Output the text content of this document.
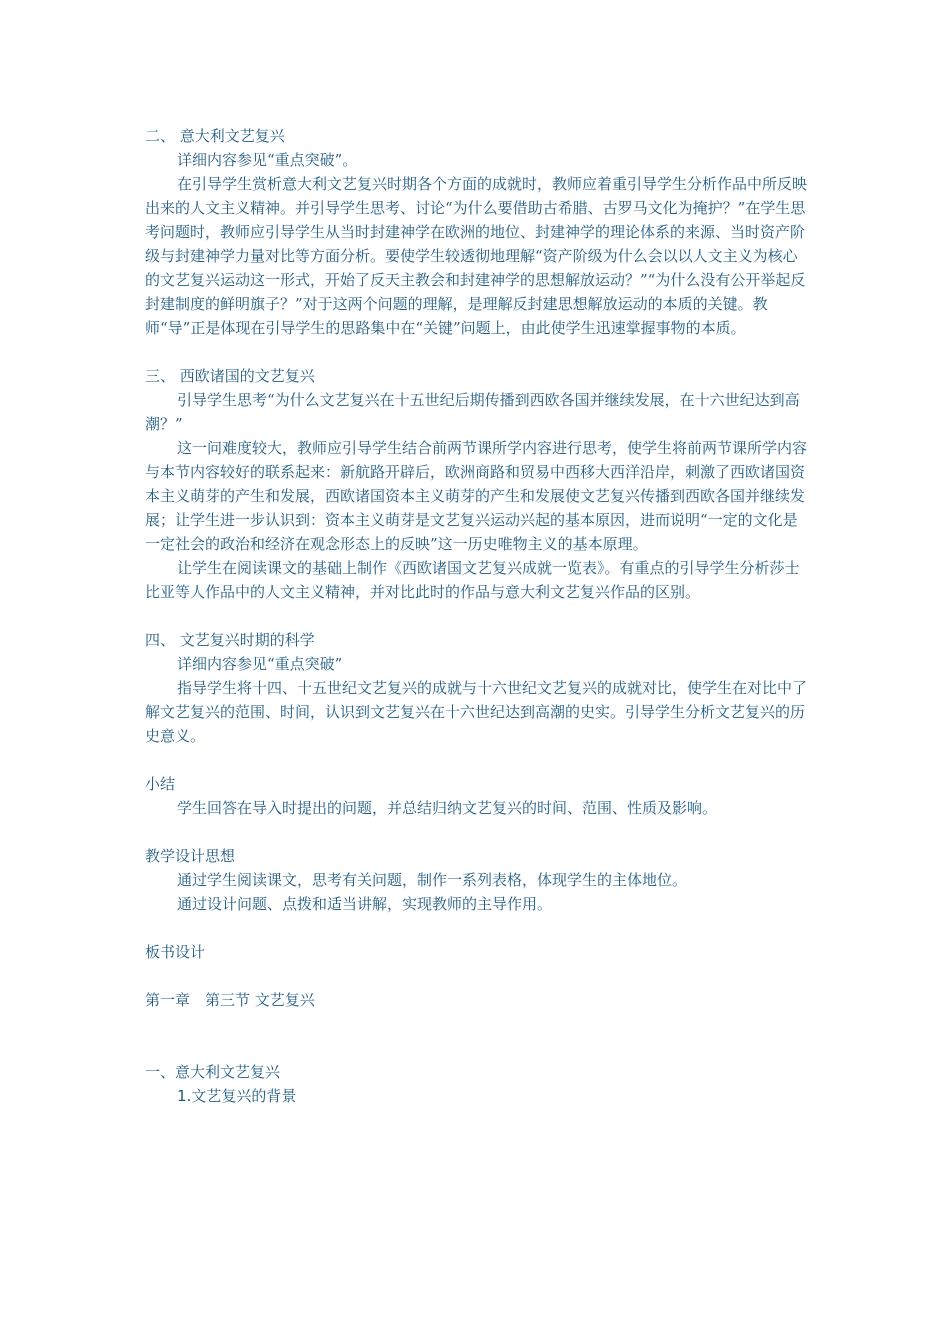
二、 意大利文艺复兴

详细内容参见“重点突破”。

在引导学生赏析意大利文艺复兴时期各个方面的成就时，教师应着重引导学生分析作品中所反映出来的人文主义精神。并引导学生思考、讨论“为什么要借助古希腊、古罗马文化为掩护？”在学生思考问题时，教师应引导学生从当时封建神学在欧洲的地位、封建神学的理论体系的来源、当时资产阶级与封建神学力量对比等方面分析。要使学生较透彻地理解“资产阶级为什么会以以人文主义为核心的文艺复兴运动这一形式，开始了反天主教会和封建神学的思想解放运动？”“为什么没有公开举起反封建制度的鲜明旗子？”对于这两个问题的理解，是理解反封建思想解放运动的本质的关键。教师“导”正是体现在引导学生的思路集中在“关键”问题上，由此使学生迅速掌握事物的本质。

三、 西欧诸国的文艺复兴

引导学生思考“为什么文艺复兴在十五世纪后期传播到西欧各国并继续发展，在十六世纪达到高潮？”

这一问难度较大，教师应引导学生结合前两节课所学内容进行思考，使学生将前两节课所学内容与本节内容较好的联系起来：新航路开辟后，欧洲商路和贸易中西移大西洋沿岸，刺激了西欧诸国资本主义萌芽的产生和发展，西欧诸国资本主义萌芽的产生和发展使文艺复兴传播到西欧各国并继续发展；让学生进一步认识到：资本主义萌芽是文艺复兴运动兴起的基本原因，进而说明“一定的文化是一定社会的政治和经济在观念形态上的反映”这一历史唯物主义的基本原理。

让学生在阅读课文的基础上制作《西欧诸国文艺复兴成就一览表》。有重点的引导学生分析莎士比亚等人作品中的人文主义精神，并对比此时的作品与意大利文艺复兴作品的区别。

四、 文艺复兴时期的科学

详细内容参见“重点突破”

指导学生将十四、十五世纪文艺复兴的成就与十六世纪文艺复兴的成就对比，使学生在对比中了解文艺复兴的范围、时间，认识到文艺复兴在十六世纪达到高潮的史实。引导学生分析文艺复兴的历史意义。

小结

学生回答在导入时提出的问题，并总结归纳文艺复兴的时间、范围、性质及影响。

教学设计思想

通过学生阅读课文，思考有关问题，制作一系列表格，体现学生的主体地位。

通过设计问题、点拨和适当讲解，实现教师的主导作用。

板书设计

第一章　第三节 文艺复兴

一、意大利文艺复兴

1.文艺复兴的背景
